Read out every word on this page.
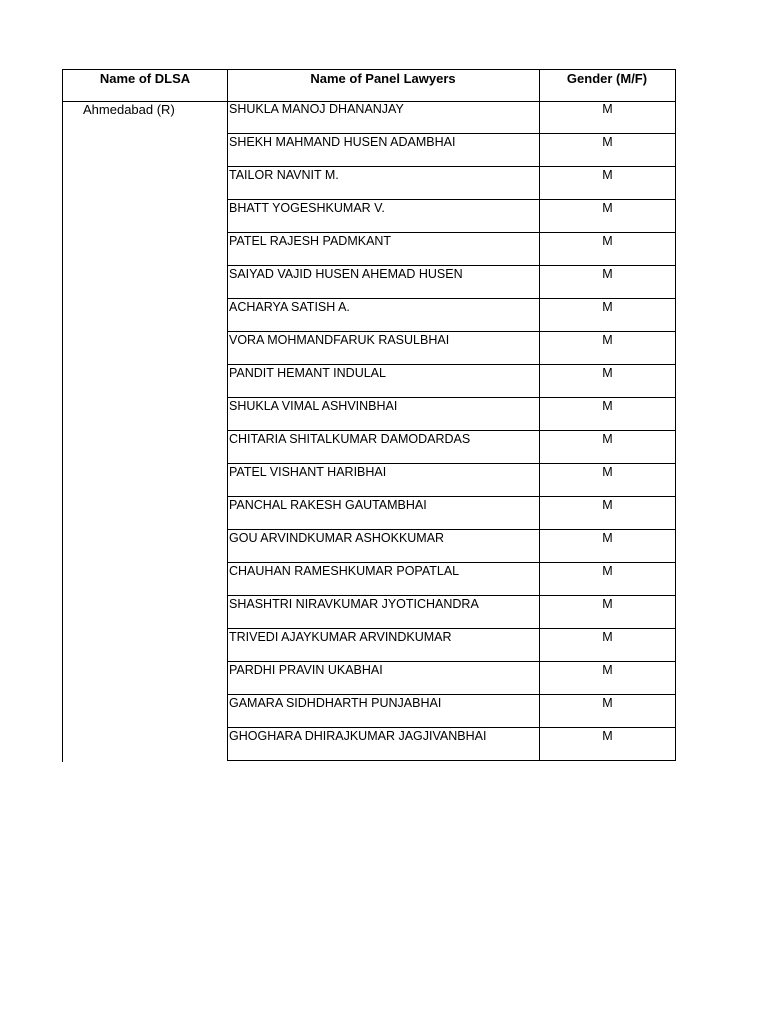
Name of DLSA	Name of Panel Lawyers	Gender (M/F)
Ahmedabad (R)	SHUKLA MANOJ DHANANJAY	M
SHEKH MAHMAND HUSEN ADAMBHAI	M
TAILOR NAVNIT M.	M
BHATT YOGESHKUMAR V.	M
PATEL RAJESH PADMKANT	M
SAIYAD VAJID HUSEN AHEMAD HUSEN	M
ACHARYA SATISH A.	M
VORA MOHMANDFARUK RASULBHAI	M
PANDIT HEMANT INDULAL	M
SHUKLA VIMAL ASHVINBHAI	M
CHITARIA SHITALKUMAR DAMODARDAS	M
PATEL VISHANT HARIBHAI	M
PANCHAL RAKESH GAUTAMBHAI	M
GOU ARVINDKUMAR ASHOKKUMAR	M
CHAUHAN RAMESHKUMAR POPATLAL	M
SHASHTRI NIRAVKUMAR JYOTICHANDRA	M
TRIVEDI AJAYKUMAR ARVINDKUMAR	M
PARDHI PRAVIN UKABHAI	M
GAMARA SIDHDHARTH PUNJABHAI	M
GHOGHARA DHIRAJKUMAR JAGJIVANBHAI	M
